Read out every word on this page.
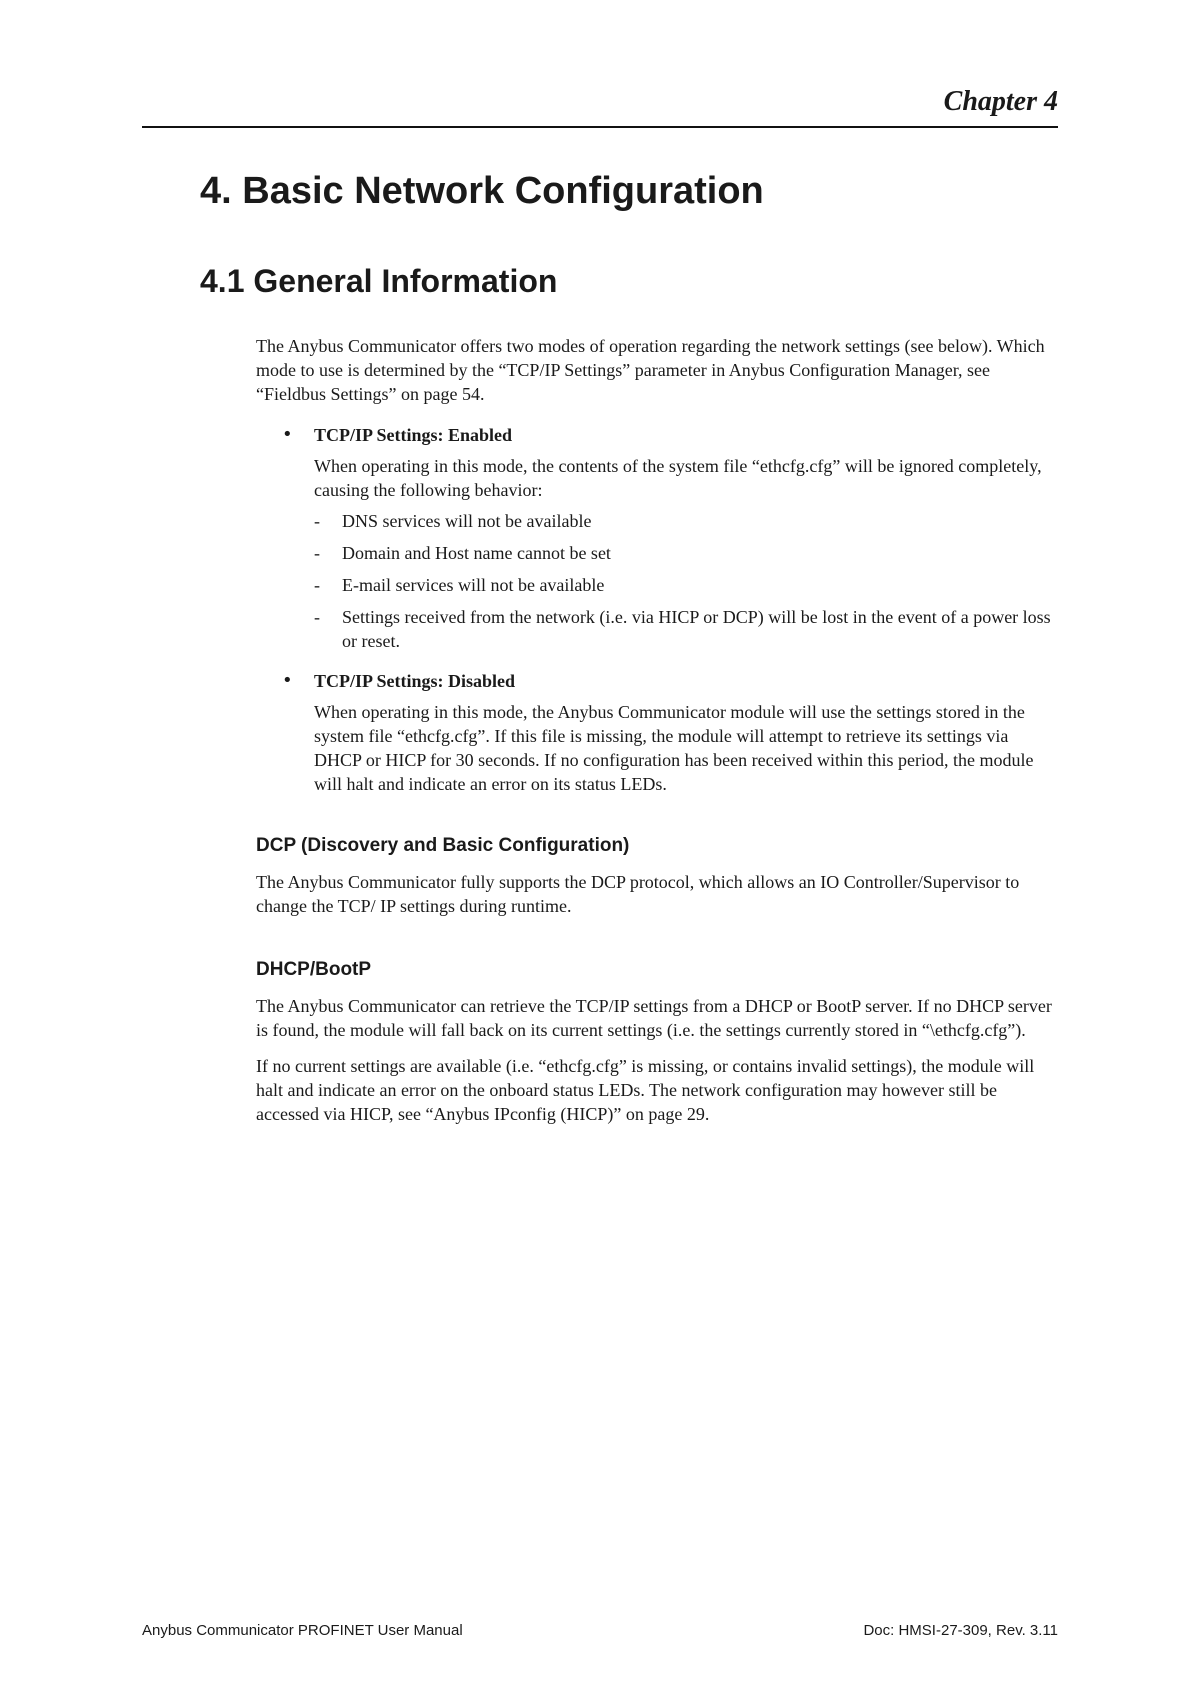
Chapter 4
4. Basic Network Configuration
4.1 General Information

The Anybus Communicator offers two modes of operation regarding the network settings (see below). Which mode to use is determined by the “TCP/IP Settings” parameter in Anybus Configuration Manager, see “Fieldbus Settings” on page 54.

• TCP/IP Settings: Enabled

When operating in this mode, the contents of the system file “ethcfg.cfg” will be ignored completely, causing the following behavior:

- DNS services will not be available
- Domain and Host name cannot be set
- E-mail services will not be available
- Settings received from the network (i.e. via HICP or DCP) will be lost in the event of a power loss or reset.
• TCP/IP Settings: Disabled

When operating in this mode, the Anybus Communicator module will use the settings stored in the system file “ethcfg.cfg”. If this file is missing, the module will attempt to retrieve its settings via DHCP or HICP for 30 seconds. If no configuration has been received within this period, the module will halt and indicate an error on its status LEDs.

DCP (Discovery and Basic Configuration)

The Anybus Communicator fully supports the DCP protocol, which allows an IO Controller/Supervisor to change the TCP/ IP settings during runtime.

DHCP/BootP

The Anybus Communicator can retrieve the TCP/IP settings from a DHCP or BootP server. If no DHCP server is found, the module will fall back on its current settings (i.e. the settings currently stored in “\ethcfg.cfg”).

If no current settings are available (i.e. “ethcfg.cfg” is missing, or contains invalid settings), the module will halt and indicate an error on the onboard status LEDs. The network configuration may however still be accessed via HICP, see “Anybus IPconfig (HICP)” on page 29.

Anybus Communicator PROFINET User Manual	Doc: HMSI-27-309, Rev. 3.11
